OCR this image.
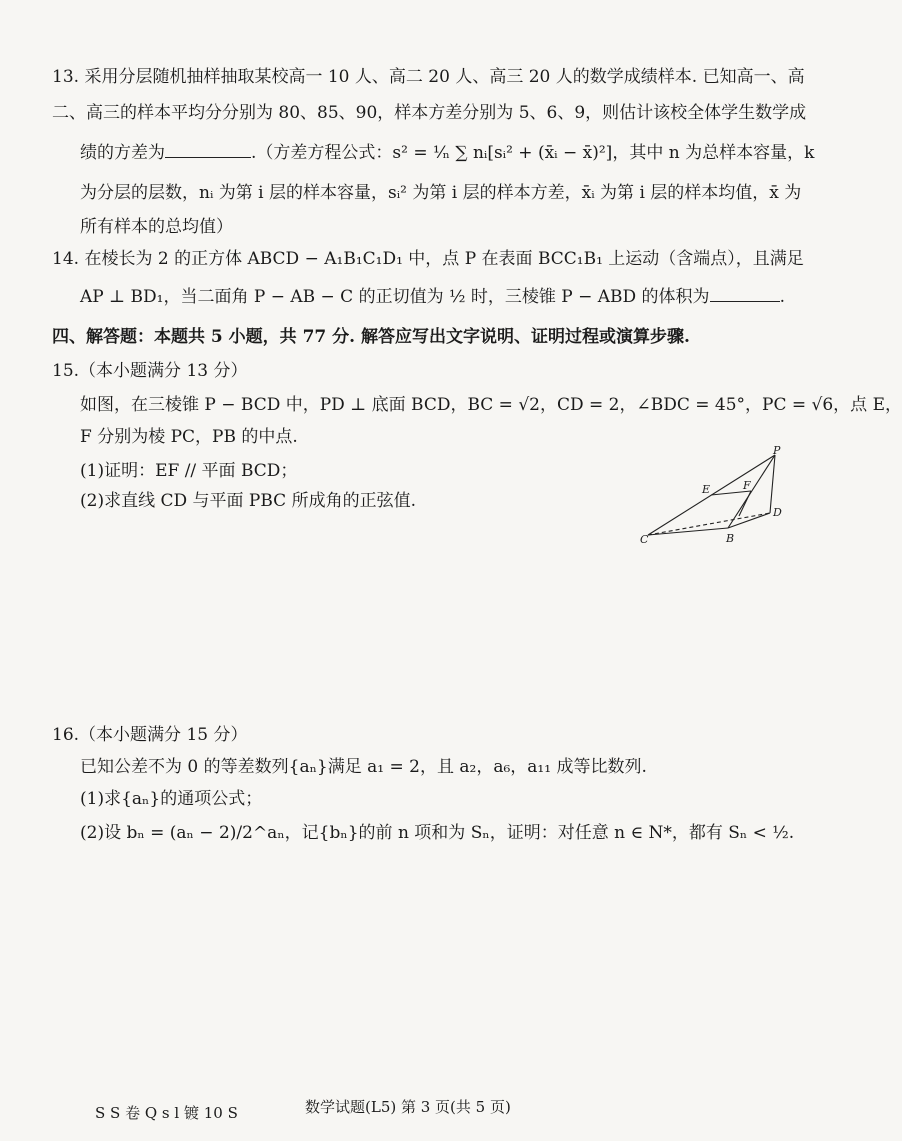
13. 采用分层随机抽样抽取某校高一 10 人、高二 20 人、高三 20 人的数学成绩样本. 已知高一、高
二、高三的样本平均分分别为 80、85、90，样本方差分别为 5、6、9，则估计该校全体学生数学成
绩的方差为	.（方差方程公式：s² = ¹⁄ₙ ∑ nᵢ[sᵢ² + (x̄ᵢ − x̄)²]，其中 n 为总样本容量，k
为分层的层数，nᵢ 为第 i 层的样本容量，sᵢ² 为第 i 层的样本方差，x̄ᵢ 为第 i 层的样本均值，x̄ 为
所有样本的总均值）
14. 在棱长为 2 的正方体 ABCD − A₁B₁C₁D₁ 中，点 P 在表面 BCC₁B₁ 上运动（含端点），且满足
AP ⊥ BD₁，当二面角 P − AB − C 的正切值为 ½ 时，三棱锥 P − ABD 的体积为	.
四、解答题：本题共 5 小题，共 77 分. 解答应写出文字说明、证明过程或演算步骤.
15.（本小题满分 13 分）
如图，在三棱锥 P − BCD 中，PD ⊥ 底面 BCD，BC = √2，CD = 2，∠BDC = 45°，PC = √6，点 E，
F 分别为棱 PC，PB 的中点.
(1)证明：EF // 平面 BCD；
(2)求直线 CD 与平面 PBC 所成角的正弦值.
P
E	F
D
C	B
16.（本小题满分 15 分）
已知公差不为 0 的等差数列{aₙ}满足 a₁ = 2，且 a₂，a₆，a₁₁ 成等比数列.
(1)求{aₙ}的通项公式；
(2)设 bₙ = (aₙ − 2)/2^aₙ，记{bₙ}的前 n 项和为 Sₙ，证明：对任意 n ∈ N*，都有 Sₙ < ½.
S S 卷 Q s l 镀 10 S	数学试题(L5) 第 3 页(共 5 页)
